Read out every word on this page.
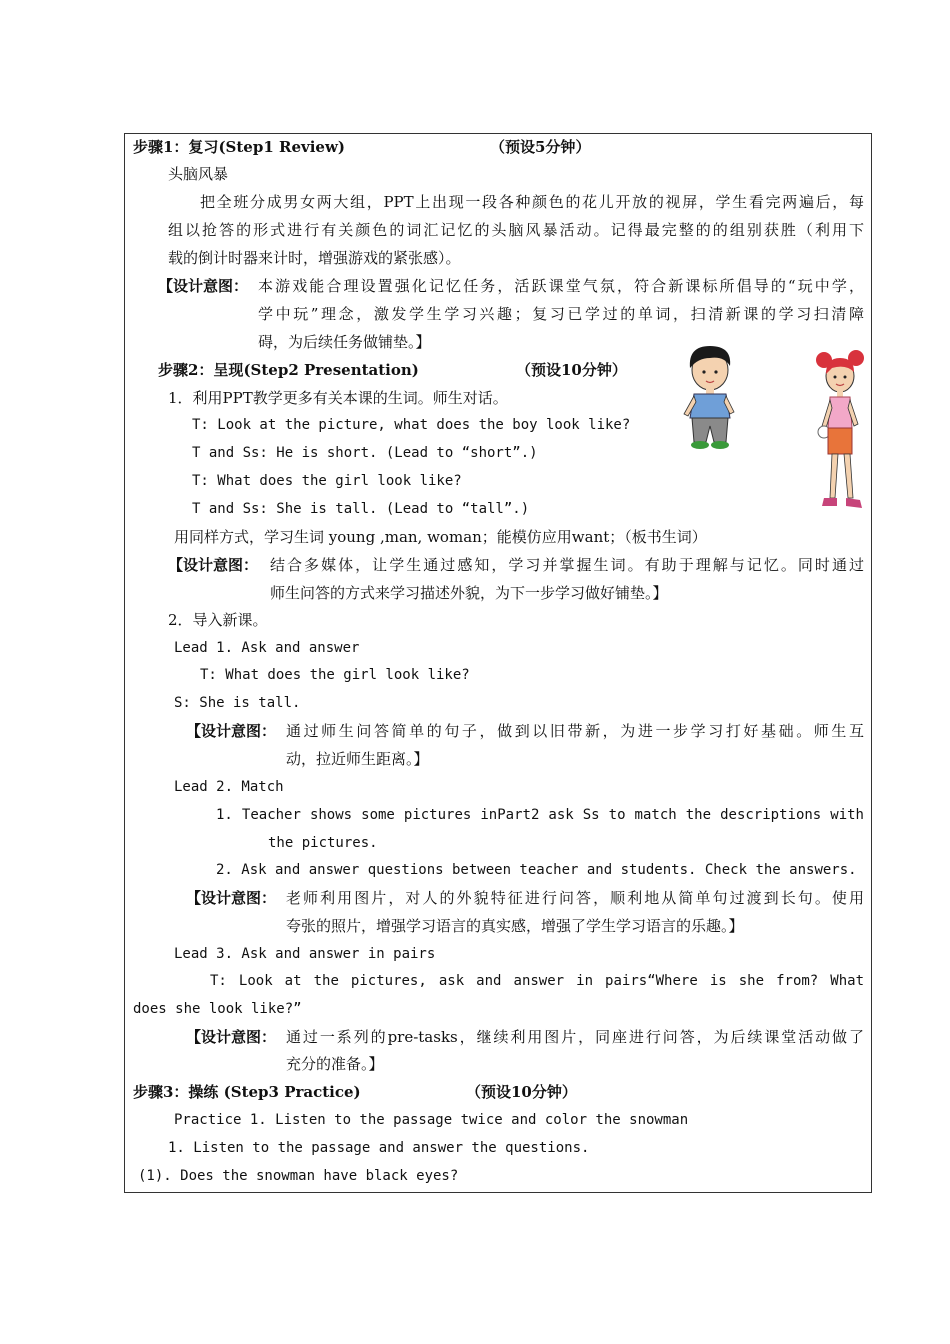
步骤1：复习(Step1 Review)	（预设5分钟）
头脑风暴
把全班分成男女两大组，PPT上出现一段各种颜色的花儿开放的视屏，学生看完两遍后，每
组以抢答的形式进行有关颜色的词汇记忆的头脑风暴活动。记得最完整的的组别获胜（利用下
载的倒计时器来计时，增强游戏的紧张感）。
【设计意图： 本游戏能合理设置强化记忆任务，活跃课堂气氛，符合新课标所倡导的“玩中学，
学中玩”理念，激发学生学习兴趣；复习已学过的单词，扫清新课的学习扫清障
碍，为后续任务做铺垫。】
步骤2：呈现(Step2 Presentation)	（预设10分钟）
1．利用PPT教学更多有关本课的生词。师生对话。
T: Look at the picture, what does the boy look like?
T and Ss: He is short. (Lead to “short”.)
T: What does the girl look like?
T and Ss: She is tall. (Lead to “tall”.)
用同样方式，学习生词 young ,man, woman；能模仿应用want；（板书生词）
【设计意图： 结合多媒体，让学生通过感知，学习并掌握生词。有助于理解与记忆。同时通过
师生问答的方式来学习描述外貌，为下一步学习做好铺垫。】
2．导入新课。
Lead 1. Ask and answer
T: What does the girl look like?
S: She is tall.
【设计意图： 通过师生问答简单的句子，做到以旧带新，为进一步学习打好基础。师生互
动，拉近师生距离。】
Lead 2. Match
1. Teacher shows some pictures inPart2 ask Ss to match the descriptions with
the pictures.
2. Ask and answer questions between teacher and students. Check the answers.
【设计意图： 老师利用图片，对人的外貌特征进行问答，顺利地从简单句过渡到长句。使用
夸张的照片，增强学习语言的真实感，增强了学生学习语言的乐趣。】
Lead 3. Ask and answer in pairs
T: Look at the pictures, ask and answer in pairs“Where is she from? What
does she look like?”
【设计意图： 通过一系列的pre-tasks，继续利用图片，同座进行问答，为后续课堂活动做了
充分的准备。】
步骤3：操练 (Step3 Practice)	（预设10分钟）
Practice 1. Listen to the passage twice and color the snowman
1. Listen to the passage and answer the questions.
(1). Does the snowman have black eyes?
